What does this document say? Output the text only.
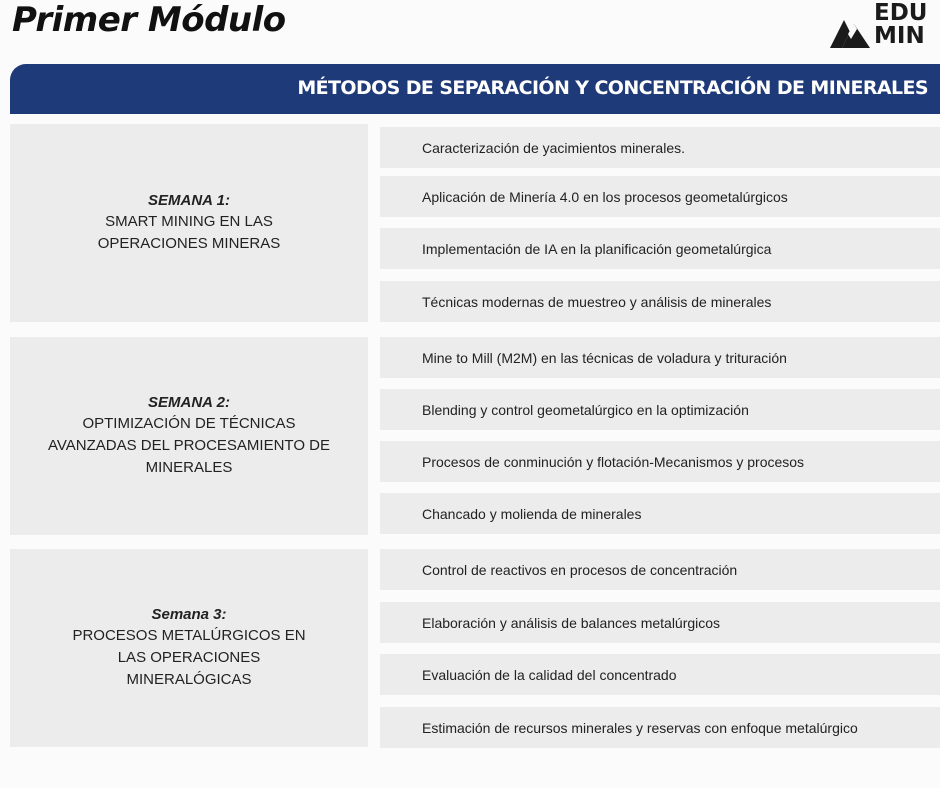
Primer Módulo	EDU
MIN
MÉTODOS DE SEPARACIÓN Y CONCENTRACIÓN DE MINERALES
SEMANA 1:
SMART MINING EN LAS
OPERACIONES MINERAS
Caracterización de yacimientos minerales.
Aplicación de Minería 4.0 en los procesos geometalúrgicos
Implementación de IA en la planificación geometalúrgica
Técnicas modernas de muestreo y análisis de minerales
SEMANA 2:
OPTIMIZACIÓN DE TÉCNICAS
AVANZADAS DEL PROCESAMIENTO DE
MINERALES
Mine to Mill (M2M) en las técnicas de voladura y trituración
Blending y control geometalúrgico en la optimización
Procesos de conminución y flotación-Mecanismos y procesos
Chancado y molienda de minerales
Semana 3:
PROCESOS METALÚRGICOS EN
LAS OPERACIONES
MINERALÓGICAS
Control de reactivos en procesos de concentración
Elaboración y análisis de balances metalúrgicos
Evaluación de la calidad del concentrado
Estimación de recursos minerales y reservas con enfoque metalúrgico
